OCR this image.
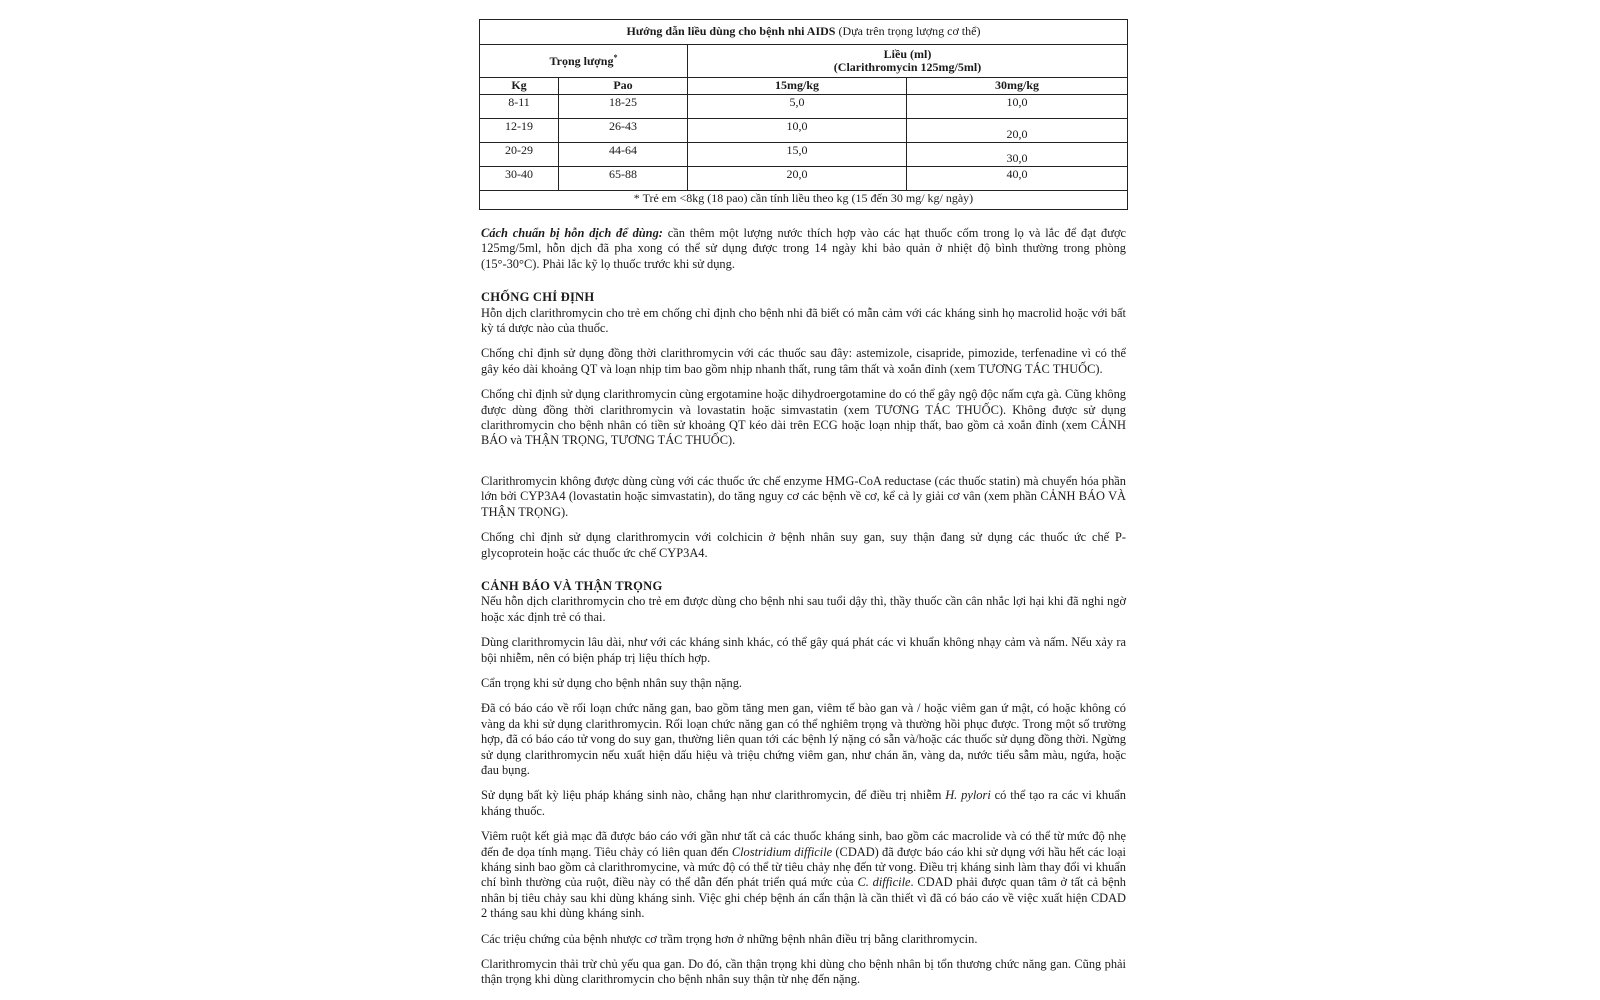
Hướng dẫn liều dùng cho bệnh nhi AIDS (Dựa trên trọng lượng cơ thể)			
Trọng lượng*		Liều (ml)
(Clarithromycin 125mg/5ml)	
Kg	Pao	15mg/kg	30mg/kg
8-11	18-25	5,0	10,0
12-19	26-43	10,0	20,0
20-29	44-64	15,0	30,0
30-40	65-88	20,0	40,0
* Trẻ em <8kg (18 pao) cần tính liều theo kg (15 đến 30 mg/ kg/ ngày)			

Cách chuẩn bị hỗn dịch để dùng: cần thêm một lượng nước thích hợp vào các hạt thuốc cốm trong lọ và lắc để đạt được 125mg/5ml, hỗn dịch đã pha xong có thể sử dụng được trong 14 ngày khi bảo quản ở nhiệt độ bình thường trong phòng (15°-30°C). Phải lắc kỹ lọ thuốc trước khi sử dụng.

CHỐNG CHỈ ĐỊNH

Hỗn dịch clarithromycin cho trẻ em chống chỉ định cho bệnh nhi đã biết có mẫn cảm với các kháng sinh họ macrolid hoặc với bất kỳ tá dược nào của thuốc.

Chống chỉ định sử dụng đồng thời clarithromycin với các thuốc sau đây: astemizole, cisapride, pimozide, terfenadine vì có thể gây kéo dài khoảng QT và loạn nhịp tim bao gồm nhịp nhanh thất, rung tâm thất và xoắn đỉnh (xem TƯƠNG TÁC THUỐC).

Chống chỉ định sử dụng clarithromycin cùng ergotamine hoặc dihydroergotamine do có thể gây ngộ độc nấm cựa gà. Cũng không được dùng đồng thời clarithromycin và lovastatin hoặc simvastatin (xem TƯƠNG TÁC THUỐC). Không được sử dụng clarithromycin cho bệnh nhân có tiền sử khoảng QT kéo dài trên ECG hoặc loạn nhịp thất, bao gồm cả xoắn đỉnh (xem CẢNH BÁO và THẬN TRỌNG, TƯƠNG TÁC THUỐC).

Clarithromycin không được dùng cùng với các thuốc ức chế enzyme HMG-CoA reductase (các thuốc statin) mà chuyển hóa phần lớn bởi CYP3A4 (lovastatin hoặc simvastatin), do tăng nguy cơ các bệnh về cơ, kể cả ly giải cơ vân (xem phần CẢNH BÁO VÀ THẬN TRỌNG).

Chống chỉ định sử dụng clarithromycin với colchicin ở bệnh nhân suy gan, suy thận đang sử dụng các thuốc ức chế P-glycoprotein hoặc các thuốc ức chế CYP3A4.

CẢNH BÁO VÀ THẬN TRỌNG

Nếu hỗn dịch clarithromycin cho trẻ em được dùng cho bệnh nhi sau tuổi dậy thì, thầy thuốc cần cân nhắc lợi hại khi đã nghi ngờ hoặc xác định trẻ có thai.

Dùng clarithromycin lâu dài, như với các kháng sinh khác, có thể gây quá phát các vi khuẩn không nhạy cảm và nấm. Nếu xảy ra bội nhiễm, nên có biện pháp trị liệu thích hợp.

Cẩn trọng khi sử dụng cho bệnh nhân suy thận nặng.

Đã có báo cáo về rối loạn chức năng gan, bao gồm tăng men gan, viêm tế bào gan và / hoặc viêm gan ứ mật, có hoặc không có vàng da khi sử dụng clarithromycin. Rối loạn chức năng gan có thể nghiêm trọng và thường hồi phục được. Trong một số trường hợp, đã có báo cáo tử vong do suy gan, thường liên quan tới các bệnh lý nặng có sẵn và/hoặc các thuốc sử dụng đồng thời. Ngừng sử dụng clarithromycin nếu xuất hiện dấu hiệu và triệu chứng viêm gan, như chán ăn, vàng da, nước tiểu sẫm màu, ngứa, hoặc đau bụng.

Sử dụng bất kỳ liệu pháp kháng sinh nào, chẳng hạn như clarithromycin, để điều trị nhiễm H. pylori có thể tạo ra các vi khuẩn kháng thuốc.

Viêm ruột kết giả mạc đã được báo cáo với gần như tất cả các thuốc kháng sinh, bao gồm các macrolide và có thể từ mức độ nhẹ đến đe dọa tính mạng. Tiêu chảy có liên quan đến Clostridium difficile (CDAD) đã được báo cáo khi sử dụng với hầu hết các loại kháng sinh bao gồm cả clarithromycine, và mức độ có thể từ tiêu chảy nhẹ đến tử vong. Điều trị kháng sinh làm thay đổi vi khuẩn chí bình thường của ruột, điều này có thể dẫn đến phát triển quá mức của C. difficile. CDAD phải được quan tâm ở tất cả bệnh nhân bị tiêu chảy sau khi dùng kháng sinh. Việc ghi chép bệnh án cẩn thận là cần thiết vì đã có báo cáo về việc xuất hiện CDAD 2 tháng sau khi dùng kháng sinh.

Các triệu chứng của bệnh nhược cơ trầm trọng hơn ở những bệnh nhân điều trị bằng clarithromycin.

Clarithromycin thải trừ chủ yếu qua gan. Do đó, cần thận trọng khi dùng cho bệnh nhân bị tổn thương chức năng gan. Cũng phải thận trọng khi dùng clarithromycin cho bệnh nhân suy thận từ nhẹ đến nặng.
